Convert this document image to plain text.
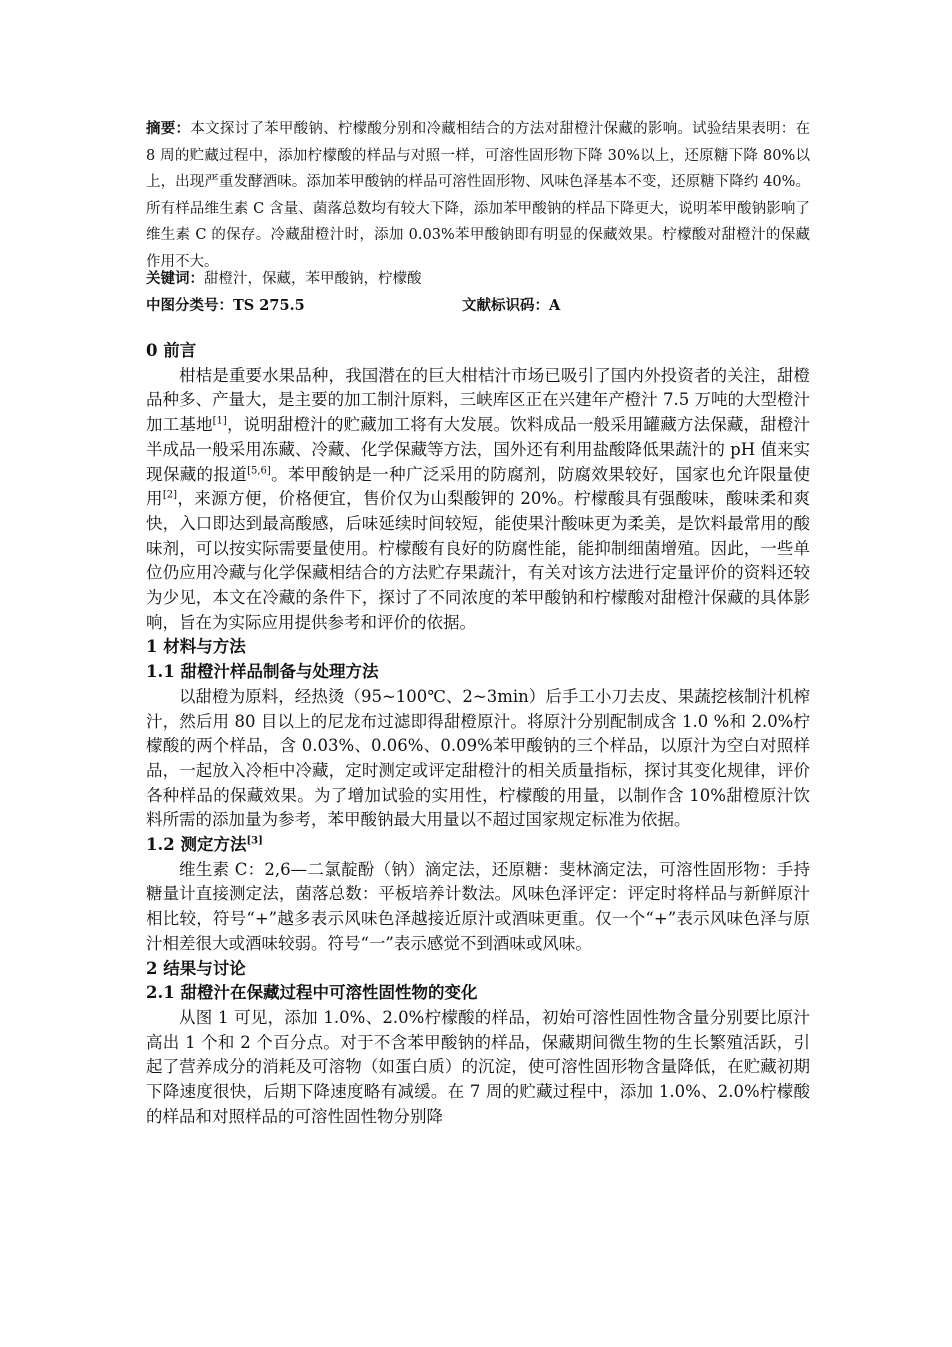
摘要：本文探讨了苯甲酸钠、柠檬酸分别和冷藏相结合的方法对甜橙汁保藏的影响。试验结果表明：在 8 周的贮藏过程中，添加柠檬酸的样品与对照一样，可溶性固形物下降 30%以上，还原糖下降 80%以上，出现严重发酵酒味。添加苯甲酸钠的样品可溶性固形物、风味色泽基本不变，还原糖下降约 40%。所有样品维生素 C 含量、菌落总数均有较大下降，添加苯甲酸钠的样品下降更大，说明苯甲酸钠影响了维生素 C 的保存。冷藏甜橙汁时，添加 0.03%苯甲酸钠即有明显的保藏效果。柠檬酸对甜橙汁的保藏作用不大。
关键词：甜橙汁，保藏，苯甲酸钠，柠檬酸
中图分类号：TS 275.5	文献标识码：A

0 前言

柑桔是重要水果品种，我国潜在的巨大柑桔汁市场已吸引了国内外投资者的关注，甜橙品种多、产量大，是主要的加工制汁原料，三峡库区正在兴建年产橙汁 7.5 万吨的大型橙汁加工基地[1]，说明甜橙汁的贮藏加工将有大发展。饮料成品一般采用罐藏方法保藏，甜橙汁半成品一般采用冻藏、冷藏、化学保藏等方法，国外还有利用盐酸降低果蔬汁的 pH 值来实现保藏的报道[5,6]。苯甲酸钠是一种广泛采用的防腐剂，防腐效果较好，国家也允许限量使用[2]，来源方便，价格便宜，售价仅为山梨酸钾的 20%。柠檬酸具有强酸味，酸味柔和爽快，入口即达到最高酸感，后味延续时间较短，能使果汁酸味更为柔美，是饮料最常用的酸味剂，可以按实际需要量使用。柠檬酸有良好的防腐性能，能抑制细菌增殖。因此，一些单位仍应用冷藏与化学保藏相结合的方法贮存果蔬汁，有关对该方法进行定量评价的资料还较为少见，本文在冷藏的条件下，探讨了不同浓度的苯甲酸钠和柠檬酸对甜橙汁保藏的具体影响，旨在为实际应用提供参考和评价的依据。

1 材料与方法

1.1 甜橙汁样品制备与处理方法

以甜橙为原料，经热烫（95~100℃、2~3min）后手工小刀去皮、果蔬挖核制汁机榨汁，然后用 80 目以上的尼龙布过滤即得甜橙原汁。将原汁分别配制成含 1.0 %和 2.0%柠檬酸的两个样品，含 0.03%、0.06%、0.09%苯甲酸钠的三个样品，以原汁为空白对照样品，一起放入冷柜中冷藏，定时测定或评定甜橙汁的相关质量指标，探讨其变化规律，评价各种样品的保藏效果。为了增加试验的实用性，柠檬酸的用量，以制作含 10%甜橙原汁饮料所需的添加量为参考，苯甲酸钠最大用量以不超过国家规定标准为依据。

1.2 测定方法[3]

维生素 C：2,6—二氯靛酚（钠）滴定法，还原糖：斐林滴定法，可溶性固形物：手持糖量计直接测定法，菌落总数：平板培养计数法。风味色泽评定：评定时将样品与新鲜原汁相比较，符号“+”越多表示风味色泽越接近原汁或酒味更重。仅一个“+”表示风味色泽与原汁相差很大或酒味较弱。符号“一”表示感觉不到酒味或风味。

2 结果与讨论

2.1 甜橙汁在保藏过程中可溶性固性物的变化

从图 1 可见，添加 1.0%、2.0%柠檬酸的样品，初始可溶性固性物含量分别要比原汁高出 1 个和 2 个百分点。对于不含苯甲酸钠的样品，保藏期间微生物的生长繁殖活跃，引起了营养成分的消耗及可溶物（如蛋白质）的沉淀，使可溶性固形物含量降低，在贮藏初期下降速度很快，后期下降速度略有减缓。在 7 周的贮藏过程中，添加 1.0%、2.0%柠檬酸的样品和对照样品的可溶性固性物分别降
